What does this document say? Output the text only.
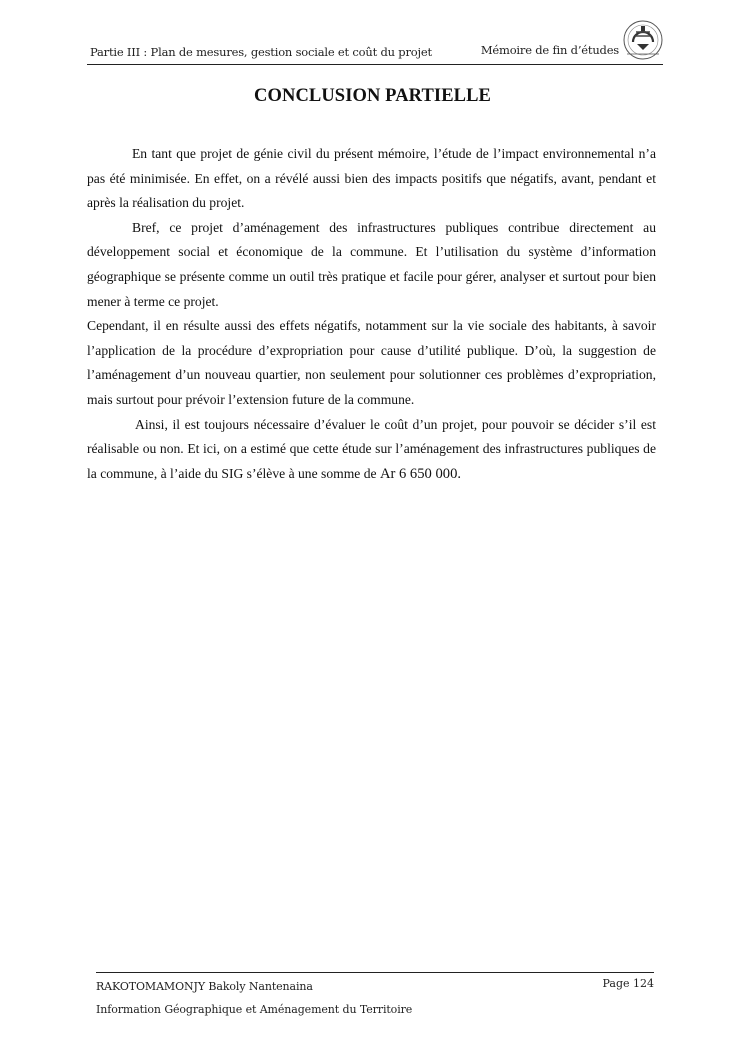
Partie III : Plan de mesures, gestion sociale et coût du projet	Mémoire de fin d’études
CONCLUSION PARTIELLE

En tant que projet de génie civil du présent mémoire, l’étude de l’impact environnemental n’a pas été minimisée. En effet, on a révélé aussi bien des impacts positifs que négatifs, avant, pendant et après la réalisation du projet.

Bref, ce projet d’aménagement des infrastructures publiques contribue directement au développement social et économique de la commune. Et l’utilisation du système d’information géographique se présente comme un outil très pratique et facile pour gérer, analyser et surtout pour bien mener à terme ce projet.

Cependant, il en résulte aussi des effets négatifs, notamment sur la vie sociale des habitants, à savoir l’application de la procédure d’expropriation pour cause d’utilité publique. D’où, la suggestion de l’aménagement d’un nouveau quartier, non seulement pour solutionner ces problèmes d’expropriation, mais surtout pour prévoir l’extension future de la commune.

Ainsi, il est toujours nécessaire d’évaluer le coût d’un projet, pour pouvoir se décider s’il est réalisable ou non. Et ici, on a estimé que cette étude sur l’aménagement des infrastructures publiques de la commune, à l’aide du SIG s’élève à une somme de Ar 6 650 000.

RAKOTOMAMONJY Bakoly Nantenaina
Information Géographique et Aménagement du Territoire
Page 124
